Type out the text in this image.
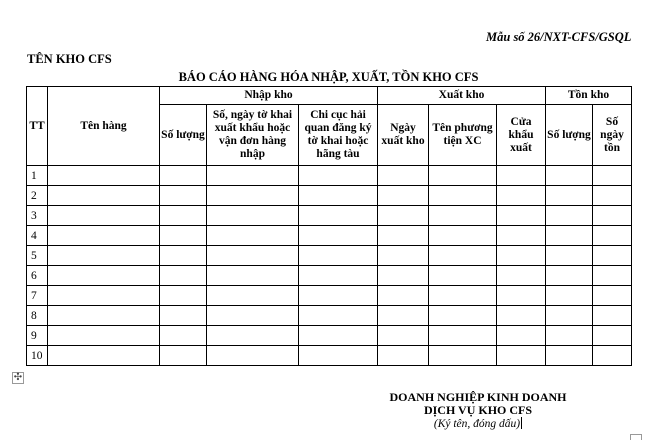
Mẫu số 26/NXT-CFS/GSQL
TÊN KHO CFS
BÁO CÁO HÀNG HÓA NHẬP, XUẤT, TỒN KHO CFS
TT	Tên hàng	Nhập kho			Xuất kho			Tồn kho	
		Số lượng	Số, ngày tờ khai xuất khẩu hoặc vận đơn hàng nhập	Chi cục hải quan đăng ký tờ khai hoặc hãng tàu	Ngày xuất kho	Tên phương tiện XC	Cửa khẩu xuất	Số lượng	Số ngày tồn
1									
2									
3									
4									
5									
6									
7									
8									
9									
10									
✣
DOANH NGHIỆP KINH DOANH
DỊCH VỤ KHO CFS
(Ký tên, đóng dấu)
